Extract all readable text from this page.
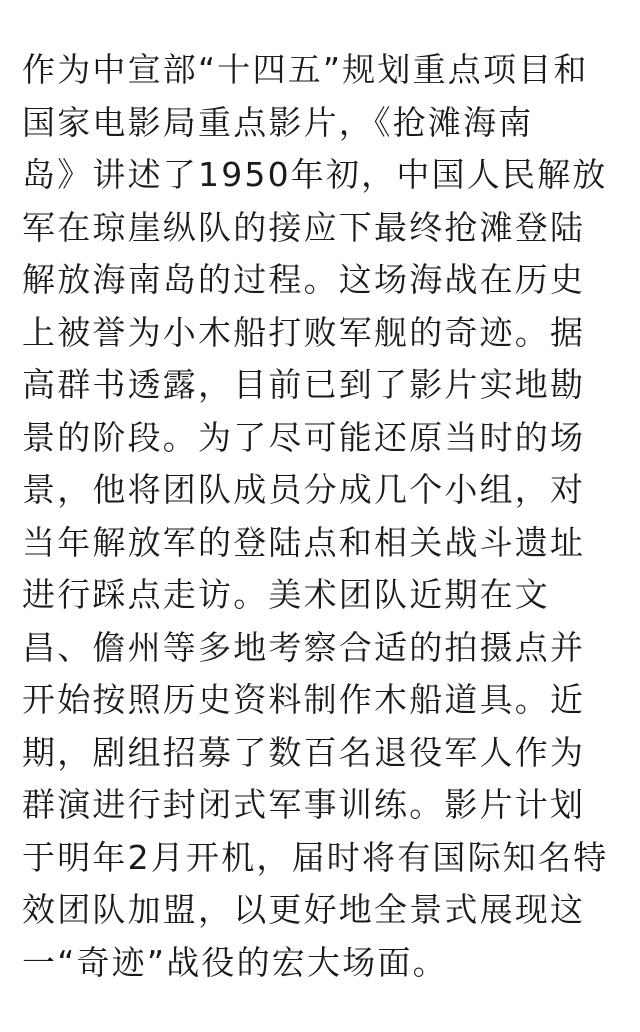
作为中宣部“十四五”规划重点项目和
国家电影局重点影片，《抢滩海南
岛》讲述了1950年初，中国人民解放
军在琼崖纵队的接应下最终抢滩登陆
解放海南岛的过程。这场海战在历史
上被誉为小木船打败军舰的奇迹。据
高群书透露，目前已到了影片实地勘
景的阶段。为了尽可能还原当时的场
景，他将团队成员分成几个小组，对
当年解放军的登陆点和相关战斗遗址
进行踩点走访。美术团队近期在文
昌、儋州等多地考察合适的拍摄点并
开始按照历史资料制作木船道具。近
期，剧组招募了数百名退役军人作为
群演进行封闭式军事训练。影片计划
于明年2月开机，届时将有国际知名特
效团队加盟，以更好地全景式展现这
一“奇迹”战役的宏大场面。
